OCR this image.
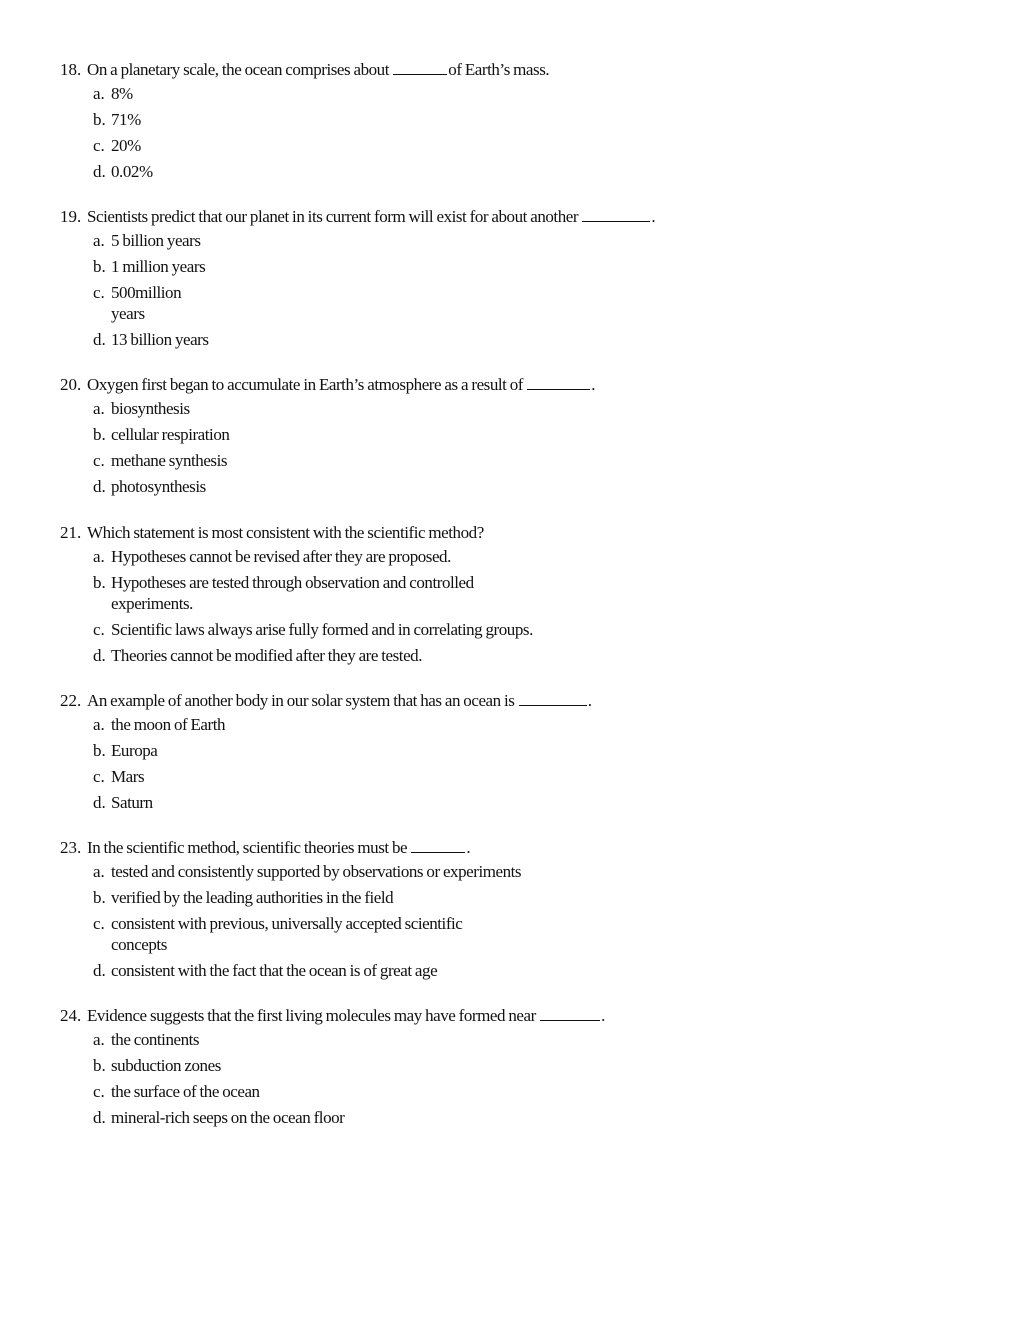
18. On a planetary scale, the ocean comprises about	of Earth’s mass.
a. 8%
b. 71%
c. 20%
d. 0.02%
19. Scientists predict that our planet in its current form will exist for about another	.
a. 5 billion years
b. 1 million years
c. 500million years
d. 13 billion years
20. Oxygen first began to accumulate in Earth’s atmosphere as a result of	.
a. biosynthesis
b. cellular respiration
c. methane synthesis
d. photosynthesis
21. Which statement is most consistent with the scientific method?
a. Hypotheses cannot be revised after they are proposed.
b. Hypotheses are tested through observation and controlled experiments.
c. Scientific laws always arise fully formed and in correlating groups.
d. Theories cannot be modified after they are tested.
22. An example of another body in our solar system that has an ocean is	.
a. the moon of Earth
b. Europa
c. Mars
d. Saturn
23. In the scientific method, scientific theories must be	.
a. tested and consistently supported by observations or experiments
b. verified by the leading authorities in the field
c. consistent with previous, universally accepted scientific concepts
d. consistent with the fact that the ocean is of great age
24. Evidence suggests that the first living molecules may have formed near	.
a. the continents
b. subduction zones
c. the surface of the ocean
d. mineral-rich seeps on the ocean floor
